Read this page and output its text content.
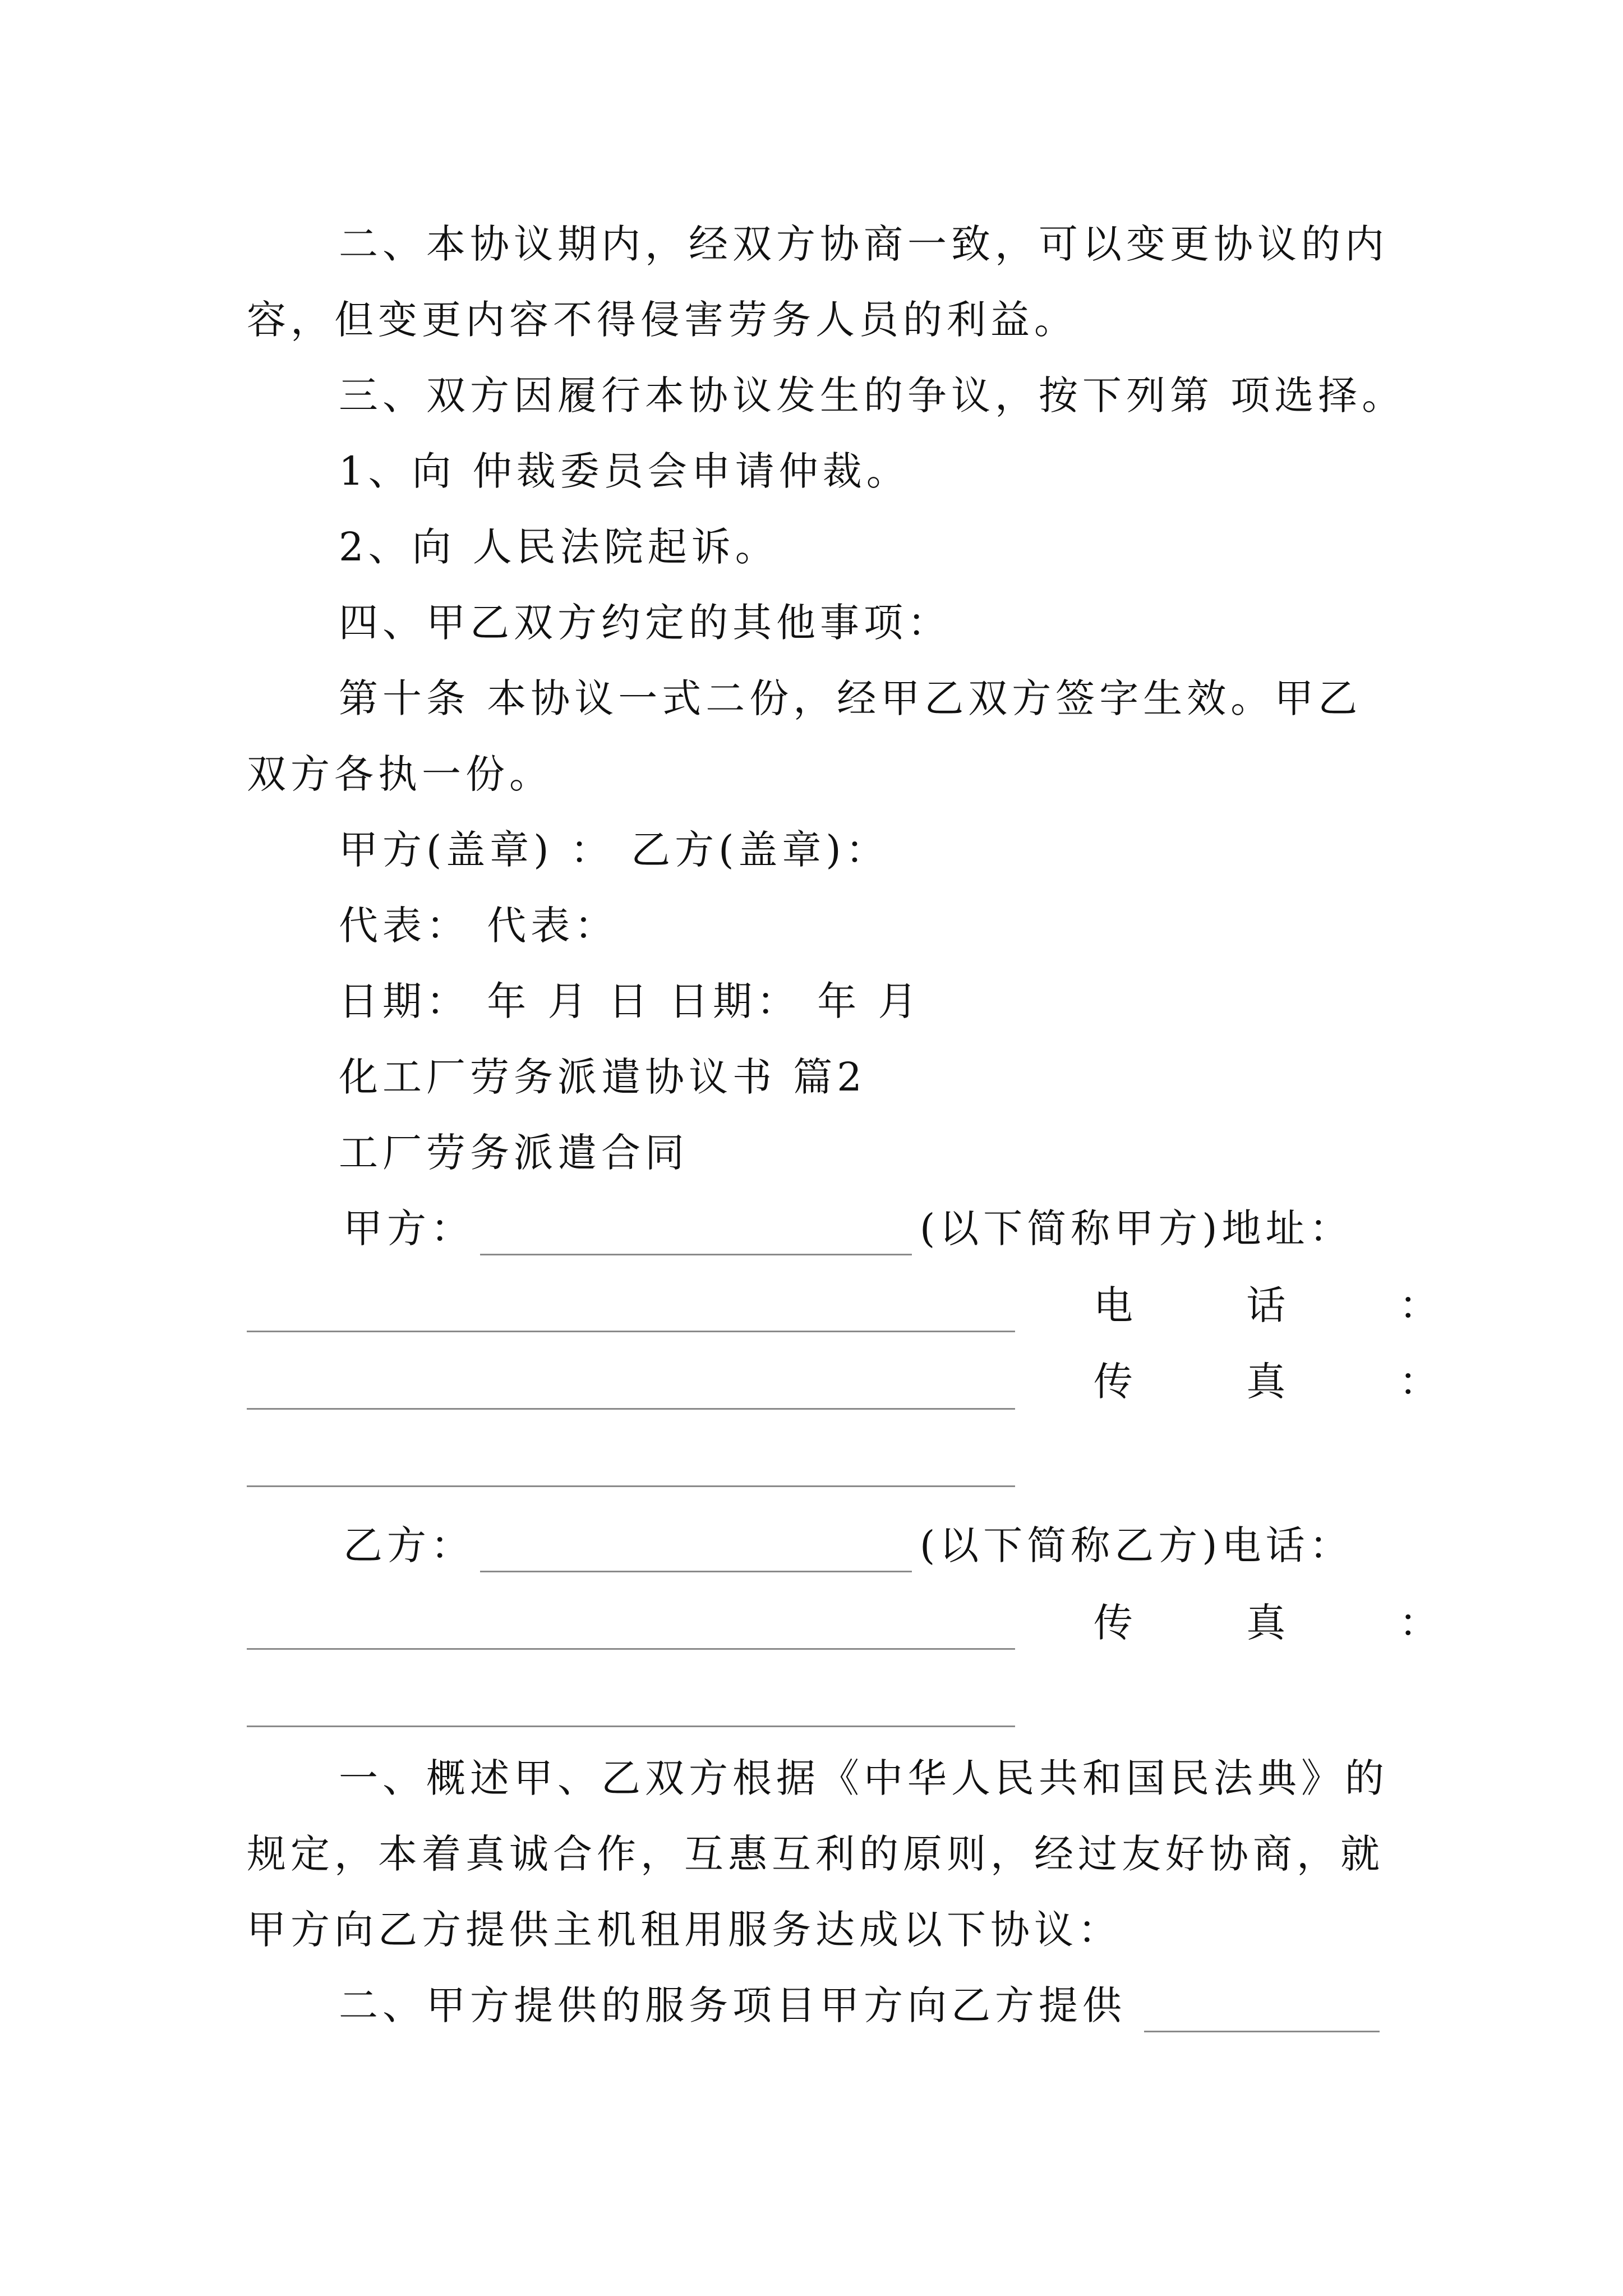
二、本协议期内，经双方协商一致，可以变更协议的内
容，但变更内容不得侵害劳务人员的利益。
三、双方因履行本协议发生的争议，按下列第 项选择。
1、向 仲裁委员会申请仲裁。
2、向 人民法院起诉。
四、甲乙双方约定的其他事项：
第十条 本协议一式二份，经甲乙双方签字生效。甲乙
双方各执一份。
甲方(盖章) ： 乙方(盖章)：
代表： 代表：
日期： 年 月 日 日期： 年 月
化工厂劳务派遣协议书 篇2
工厂劳务派遣合同
甲方：	(以下简称甲方)地址：
电 话 ：
传 真 ：
乙方：	(以下简称乙方)电话：
传 真 ：
一、概述甲、乙双方根据《中华人民共和国民法典》的
规定，本着真诚合作，互惠互利的原则，经过友好协商，就
甲方向乙方提供主机租用服务达成以下协议：
二、甲方提供的服务项目甲方向乙方提供
